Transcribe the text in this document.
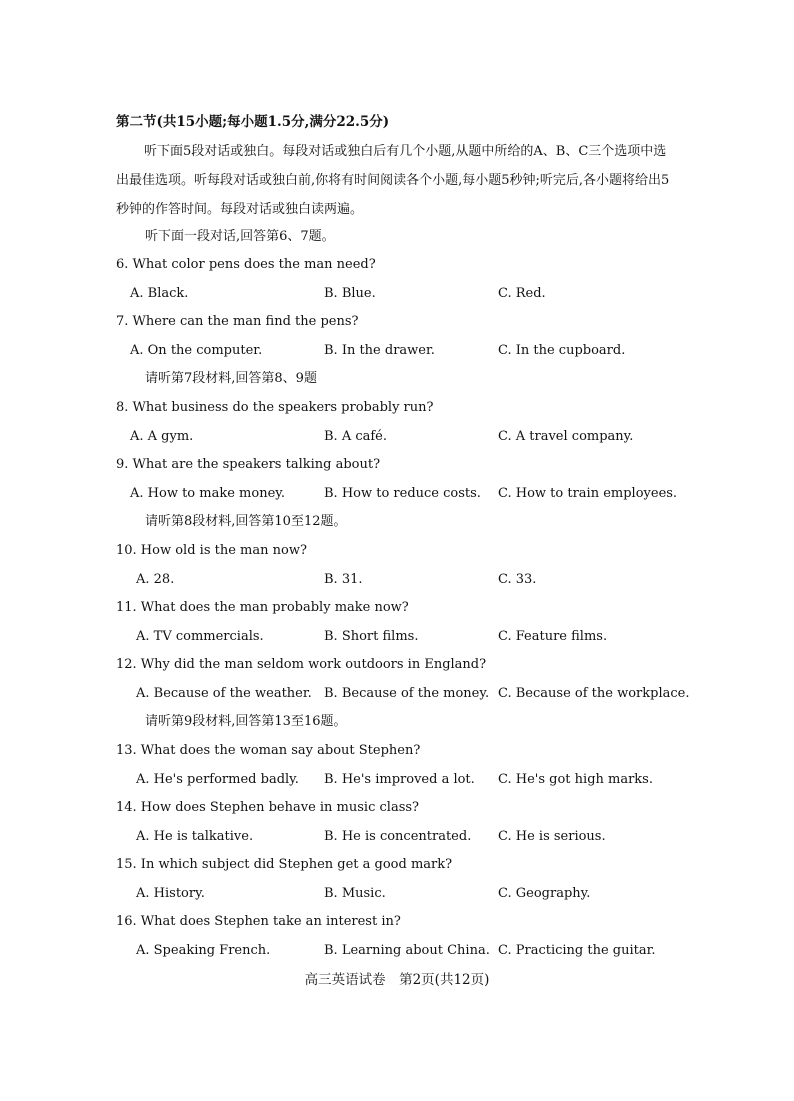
第二节(共15小题;每小题1.5分,满分22.5分)
听下面5段对话或独白。每段对话或独白后有几个小题,从题中所给的A、B、C三个选项中选出最佳选项。听每段对话或独白前,你将有时间阅读各个小题,每小题5秒钟;听完后,各小题将给出5秒钟的作答时间。每段对话或独白读两遍。
听下面一段对话,回答第6、7题。
6. What color pens does the man need?
A. Black.	B. Blue.	C. Red.
7. Where can the man find the pens?
A. On the computer.	B. In the drawer.	C. In the cupboard.
请听第7段材料,回答第8、9题
8. What business do the speakers probably run?
A. A gym.	B. A café.	C. A travel company.
9. What are the speakers talking about?
A. How to make money.	B. How to reduce costs. C. How to train employees.
请听第8段材料,回答第10至12题。
10. How old is the man now?
A. 28.	B. 31.	C. 33.
11. What does the man probably make now?
A. TV commercials.	B. Short films.	C. Feature films.
12. Why did the man seldom work outdoors in England?
A. Because of the weather. B. Because of the money. C. Because of the workplace.
请听第9段材料,回答第13至16题。
13. What does the woman say about Stephen?
A. He's performed badly. B. He's improved a lot. C. He's got high marks.
14. How does Stephen behave in music class?
A. He is talkative.	B. He is concentrated. C. He is serious.
15. In which subject did Stephen get a good mark?
A. History.	B. Music.	C. Geography.
16. What does Stephen take an interest in?
A. Speaking French.	B. Learning about China. C. Practicing the guitar.
高三英语试卷　第2页(共12页)
